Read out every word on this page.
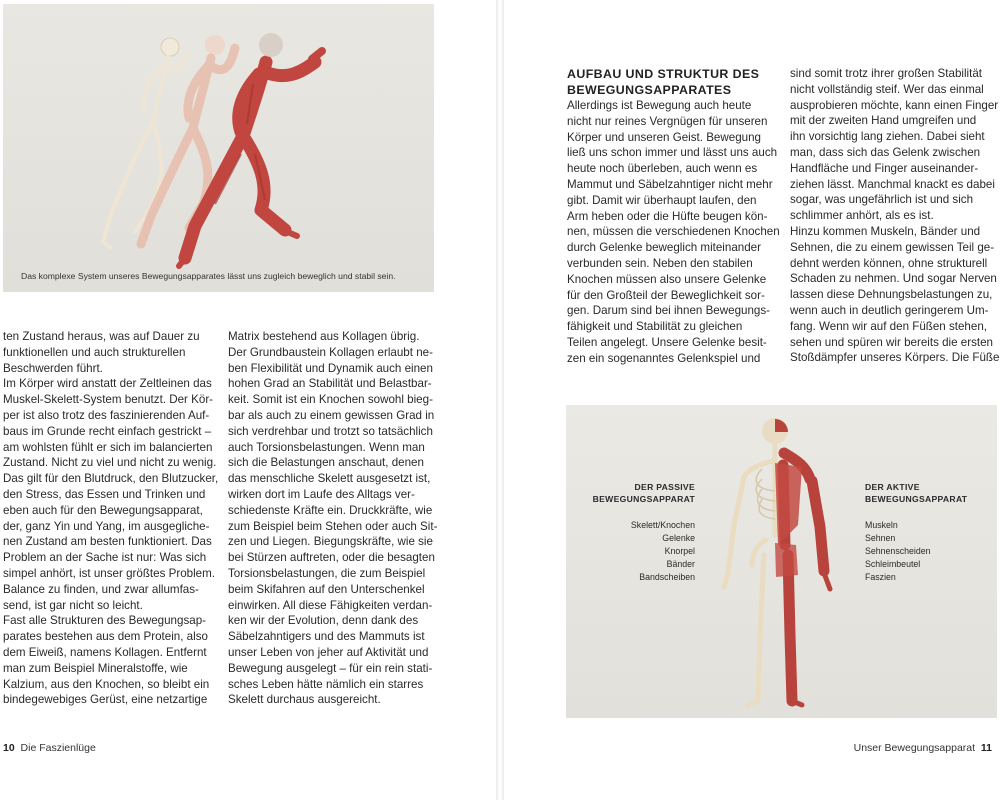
Das komplexe System unseres Bewegungsapparates lässt uns zugleich beweglich und stabil sein.

ten Zustand heraus, was auf Dauer zu

funktionellen und auch strukturellen

Beschwerden führt.

Im Körper wird anstatt der Zeltleinen das

Muskel-Skelett-System benutzt. Der Kör-

per ist also trotz des faszinierenden Auf-

baus im Grunde recht einfach gestrickt –

am wohlsten fühlt er sich im balancierten

Zustand. Nicht zu viel und nicht zu wenig.

Das gilt für den Blutdruck, den Blutzucker,

den Stress, das Essen und Trinken und

eben auch für den Bewegungsapparat,

der, ganz Yin und Yang, im ausgegliche-

nen Zustand am besten funktioniert. Das

Problem an der Sache ist nur: Was sich

simpel anhört, ist unser größtes Problem.

Balance zu finden, und zwar allumfas-

send, ist gar nicht so leicht.

Fast alle Strukturen des Bewegungsap-

parates bestehen aus dem Protein, also

dem Eiweiß, namens Kollagen. Entfernt

man zum Beispiel Mineralstoffe, wie

Kalzium, aus den Knochen, so bleibt ein

bindegewebiges Gerüst, eine netzartige

Matrix bestehend aus Kollagen übrig.

Der Grundbaustein Kollagen erlaubt ne-

ben Flexibilität und Dynamik auch einen

hohen Grad an Stabilität und Belastbar-

keit. Somit ist ein Knochen sowohl bieg-

bar als auch zu einem gewissen Grad in

sich verdrehbar und trotzt so tatsächlich

auch Torsionsbelastungen. Wenn man

sich die Belastungen anschaut, denen

das menschliche Skelett ausgesetzt ist,

wirken dort im Laufe des Alltags ver-

schiedenste Kräfte ein. Druckkräfte, wie

zum Beispiel beim Stehen oder auch Sit-

zen und Liegen. Biegungskräfte, wie sie

bei Stürzen auftreten, oder die besagten

Torsionsbelastungen, die zum Beispiel

beim Skifahren auf den Unterschenkel

einwirken. All diese Fähigkeiten verdan-

ken wir der Evolution, denn dank des

Säbelzahntigers und des Mammuts ist

unser Leben von jeher auf Aktivität und

Bewegung ausgelegt – für ein rein stati-

sches Leben hätte nämlich ein starres

Skelett durchaus ausgereicht.

10 Die Faszienlüge

AUFBAU UND STRUKTUR DES

BEWEGUNGSAPPARATES

Allerdings ist Bewegung auch heute

nicht nur reines Vergnügen für unseren

Körper und unseren Geist. Bewegung

ließ uns schon immer und lässt uns auch

heute noch überleben, auch wenn es

Mammut und Säbelzahntiger nicht mehr

gibt. Damit wir überhaupt laufen, den

Arm heben oder die Hüfte beugen kön-

nen, müssen die verschiedenen Knochen

durch Gelenke beweglich miteinander

verbunden sein. Neben den stabilen

Knochen müssen also unsere Gelenke

für den Großteil der Beweglichkeit sor-

gen. Darum sind bei ihnen Bewegungs-

fähigkeit und Stabilität zu gleichen

Teilen angelegt. Unsere Gelenke besit-

zen ein sogenanntes Gelenkspiel und

sind somit trotz ihrer großen Stabilität

nicht vollständig steif. Wer das einmal

ausprobieren möchte, kann einen Finger

mit der zweiten Hand umgreifen und

ihn vorsichtig lang ziehen. Dabei sieht

man, dass sich das Gelenk zwischen

Handfläche und Finger auseinander-

ziehen lässt. Manchmal knackt es dabei

sogar, was ungefährlich ist und sich

schlimmer anhört, als es ist.

Hinzu kommen Muskeln, Bänder und

Sehnen, die zu einem gewissen Teil ge-

dehnt werden können, ohne strukturell

Schaden zu nehmen. Und sogar Nerven

lassen diese Dehnungsbelastungen zu,

wenn auch in deutlich geringerem Um-

fang. Wenn wir auf den Füßen stehen,

sehen und spüren wir bereits die ersten

Stoßdämpfer unseres Körpers. Die Füße

DER PASSIVE

BEWEGUNGSAPPARAT

Skelett/Knochen

Gelenke

Knorpel

Bänder

Bandscheiben

DER AKTIVE

BEWEGUNGSAPPARAT

Muskeln

Sehnen

Sehnenscheiden

Schleimbeutel

Faszien

Unser Bewegungsapparat 11
